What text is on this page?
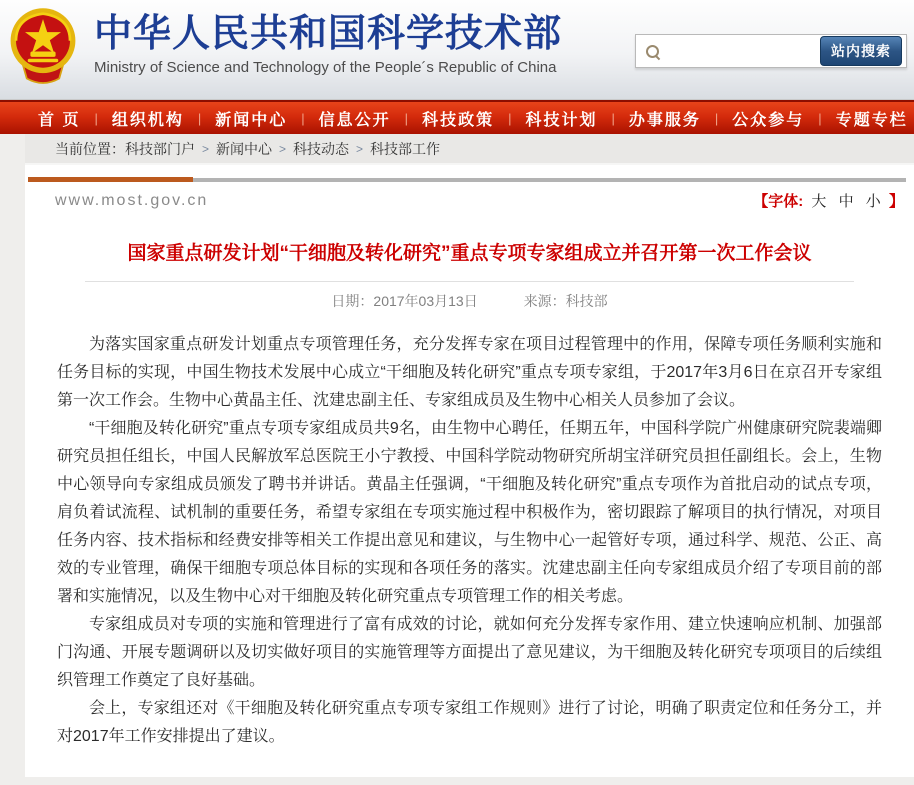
中华人民共和国科学技术部
Ministry of Science and Technology of the People´s Republic of China
站内搜索
首 页 | 组织机构 | 新闻中心 | 信息公开 | 科技政策 | 科技计划 | 办事服务 | 公众参与 | 专题专栏
当前位置： 科技部门户 > 新闻中心 > 科技动态 > 科技部工作
www.most.gov.cn	【字体: 大 中 小 】
国家重点研发计划“干细胞及转化研究”重点专项专家组成立并召开第一次工作会议
日期：2017年03月13日	来源：科技部

为落实国家重点研发计划重点专项管理任务，充分发挥专家在项目过程管理中的作用，保障专项任务顺利实施和任务目标的实现，中国生物技术发展中心成立“干细胞及转化研究”重点专项专家组，于2017年3月6日在京召开专家组第一次工作会。生物中心黄晶主任、沈建忠副主任、专家组成员及生物中心相关人员参加了会议。

“干细胞及转化研究”重点专项专家组成员共9名，由生物中心聘任，任期五年，中国科学院广州健康研究院裴端卿研究员担任组长，中国人民解放军总医院王小宁教授、中国科学院动物研究所胡宝洋研究员担任副组长。会上，生物中心领导向专家组成员颁发了聘书并讲话。黄晶主任强调，“干细胞及转化研究”重点专项作为首批启动的试点专项，肩负着试流程、试机制的重要任务，希望专家组在专项实施过程中积极作为，密切跟踪了解项目的执行情况，对项目任务内容、技术指标和经费安排等相关工作提出意见和建议，与生物中心一起管好专项，通过科学、规范、公正、高效的专业管理，确保干细胞专项总体目标的实现和各项任务的落实。沈建忠副主任向专家组成员介绍了专项目前的部署和实施情况，以及生物中心对干细胞及转化研究重点专项管理工作的相关考虑。

专家组成员对专项的实施和管理进行了富有成效的讨论，就如何充分发挥专家作用、建立快速响应机制、加强部门沟通、开展专题调研以及切实做好项目的实施管理等方面提出了意见建议，为干细胞及转化研究专项项目的后续组织管理工作奠定了良好基础。

会上，专家组还对《干细胞及转化研究重点专项专家组工作规则》进行了讨论，明确了职责定位和任务分工，并对2017年工作安排提出了建议。
